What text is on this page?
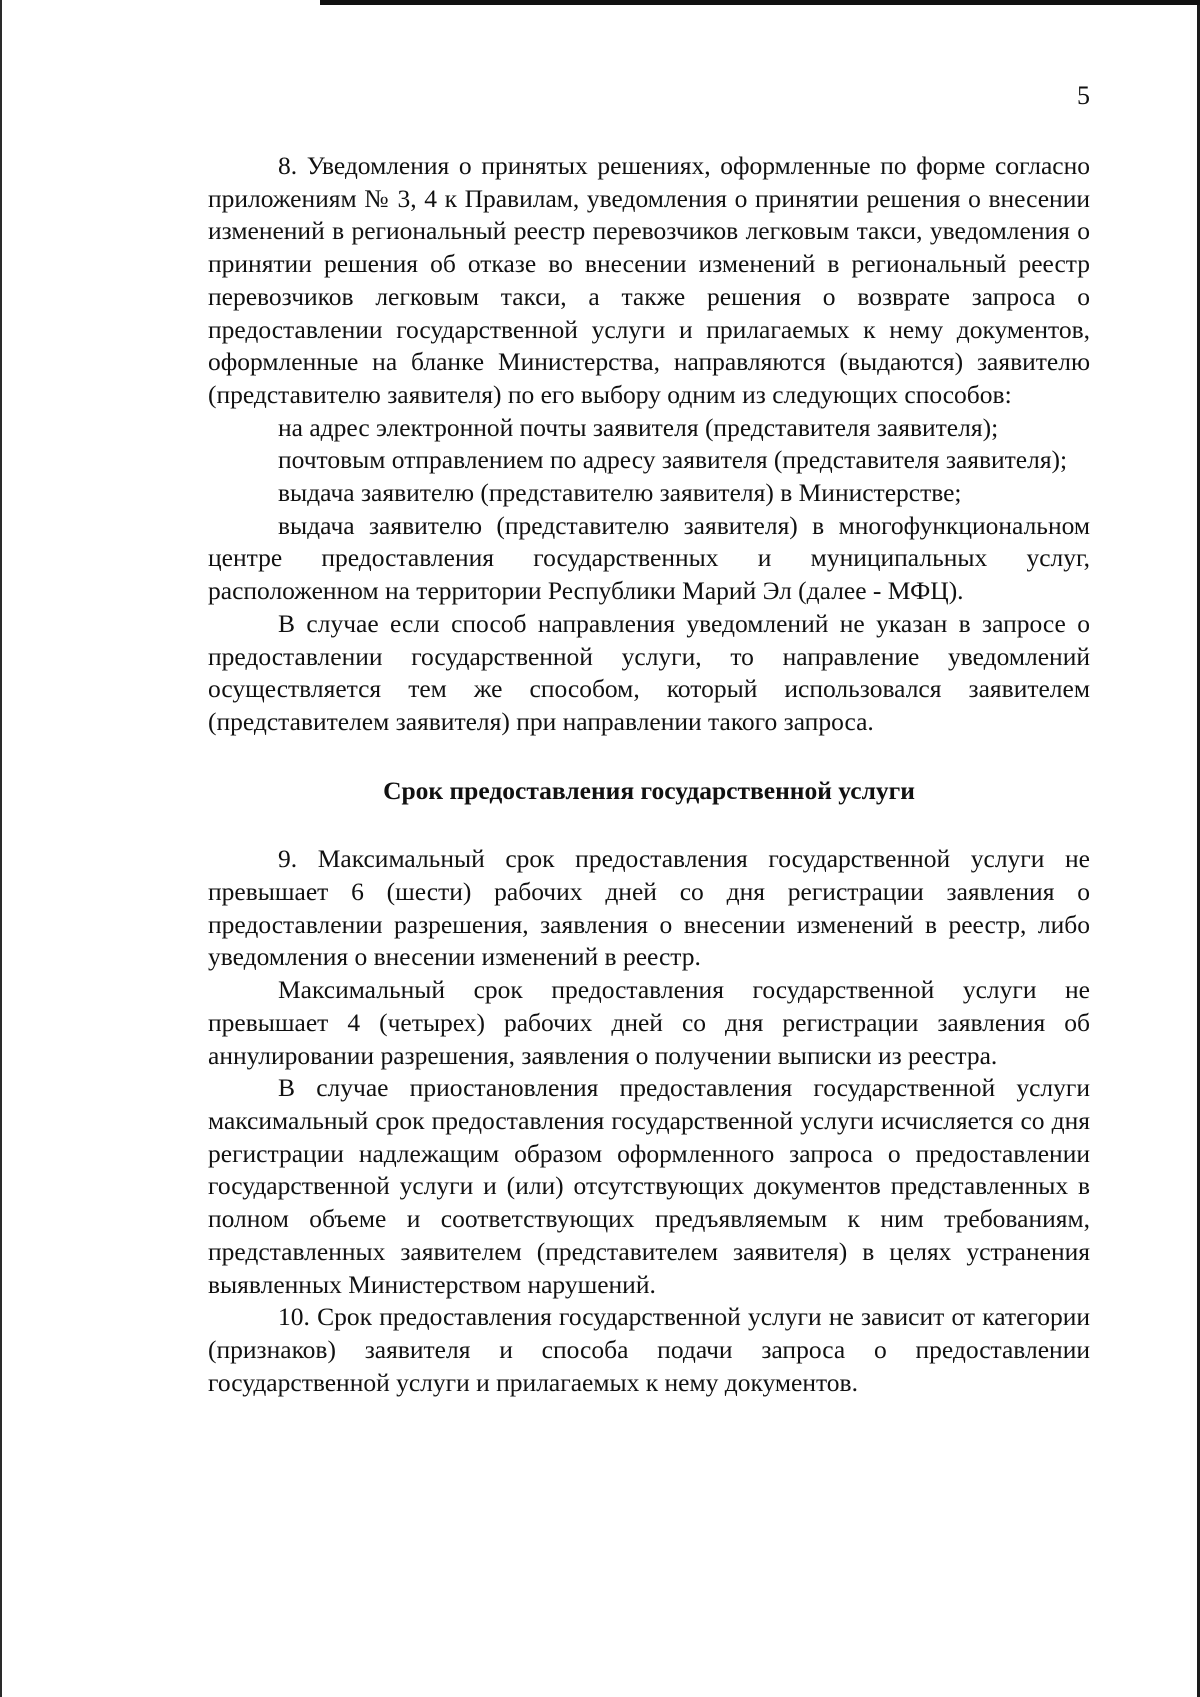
5

8. Уведомления о принятых решениях, оформленные по форме согласно приложениям № 3, 4 к Правилам, уведомления о принятии решения о внесении изменений в региональный реестр перевозчиков легковым такси, уведомления о принятии решения об отказе во внесении изменений в региональный реестр перевозчиков легковым такси, а также решения о возврате запроса о предоставлении государственной услуги и прилагаемых к нему документов, оформленные на бланке Министерства, направляются (выдаются) заявителю (представителю заявителя) по его выбору одним из следующих способов:

на адрес электронной почты заявителя (представителя заявителя);

почтовым отправлением по адресу заявителя (представителя заявителя);

выдача заявителю (представителю заявителя) в Министерстве;

выдача заявителю (представителю заявителя) в многофункциональном центре предоставления государственных и муниципальных услуг, расположенном на территории Республики Марий Эл (далее - МФЦ).

В случае если способ направления уведомлений не указан в запросе о предоставлении государственной услуги, то направление уведомлений осуществляется тем же способом, который использовался заявителем (представителем заявителя) при направлении такого запроса.

Срок предоставления государственной услуги

9. Максимальный срок предоставления государственной услуги не превышает 6 (шести) рабочих дней со дня регистрации заявления о предоставлении разрешения, заявления о внесении изменений в реестр, либо уведомления о внесении изменений в реестр.

Максимальный срок предоставления государственной услуги не превышает 4 (четырех) рабочих дней со дня регистрации заявления об аннулировании разрешения, заявления о получении выписки из реестра.

В случае приостановления предоставления государственной услуги максимальный срок предоставления государственной услуги исчисляется со дня регистрации надлежащим образом оформленного запроса о предоставлении государственной услуги и (или) отсутствующих документов представленных в полном объеме и соответствующих предъявляемым к ним требованиям, представленных заявителем (представителем заявителя) в целях устранения выявленных Министерством нарушений.

10. Срок предоставления государственной услуги не зависит от категории (признаков) заявителя и способа подачи запроса о предоставлении государственной услуги и прилагаемых к нему документов.
